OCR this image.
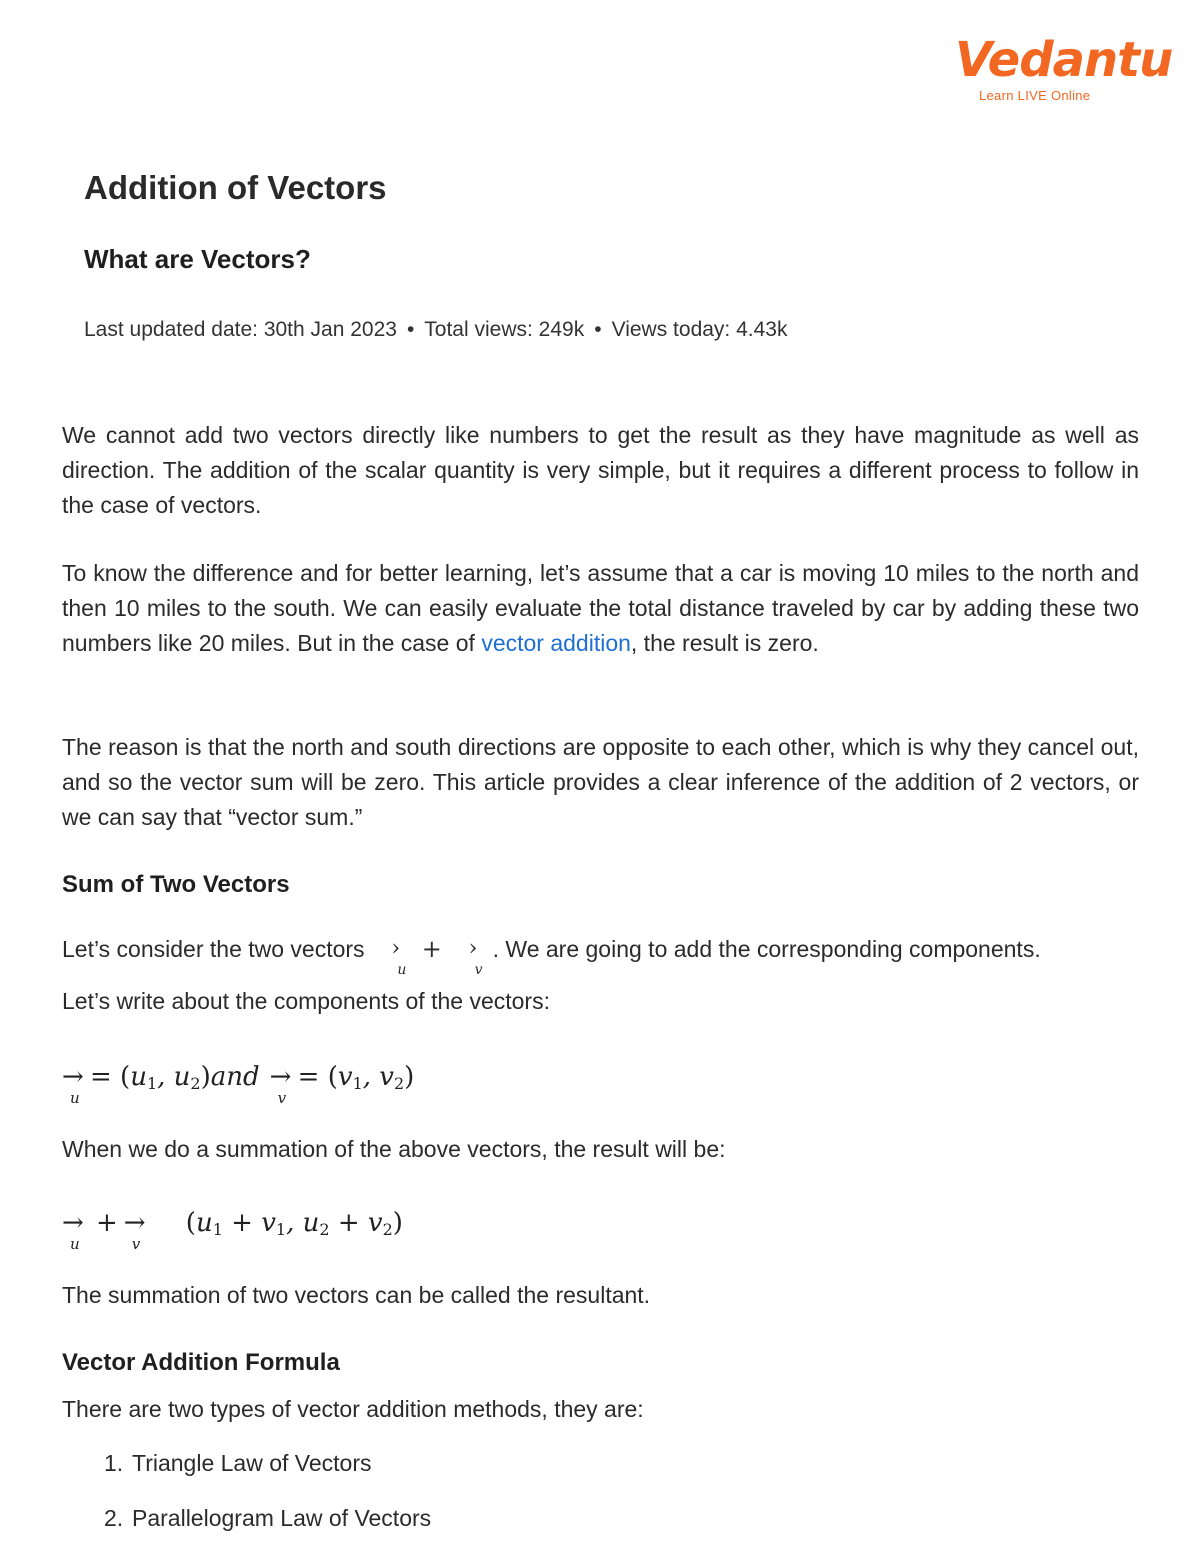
Vedantu
Learn LIVE Online
Addition of Vectors
What are Vectors?
Last updated date: 30th Jan 2023 • Total views: 249k • Views today: 4.43k
We cannot add two vectors directly like numbers to get the result as they have magnitude as well as direction. The addition of the scalar quantity is very simple, but it requires a different process to follow in the case of vectors.
To know the difference and for better learning, let’s assume that a car is moving 10 miles to the north and then 10 miles to the south. We can easily evaluate the total distance traveled by car by adding these two numbers like 20 miles. But in the case of vector addition, the result is zero.
The reason is that the north and south directions are opposite to each other, which is why they cancel out, and so the vector sum will be zero. This article provides a clear inference of the addition of 2 vectors, or we can say that “vector sum.”
Sum of Two Vectors
Let’s consider the two vectors ›
u
+ ›
v
. We are going to add the corresponding components.
Let’s write about the components of the vectors:
→
u
= ($u_1$, $u_2)and$ →
v
= ($v_1$, $v_2$)
When we do a summation of the above vectors, the result will be:
→
u
+ →
v
($u_1 + v_1$, $u_2 + v_2$)
The summation of two vectors can be called the resultant.
Vector Addition Formula
There are two types of vector addition methods, they are:
1. Triangle Law of Vectors
2. Parallelogram Law of Vectors
